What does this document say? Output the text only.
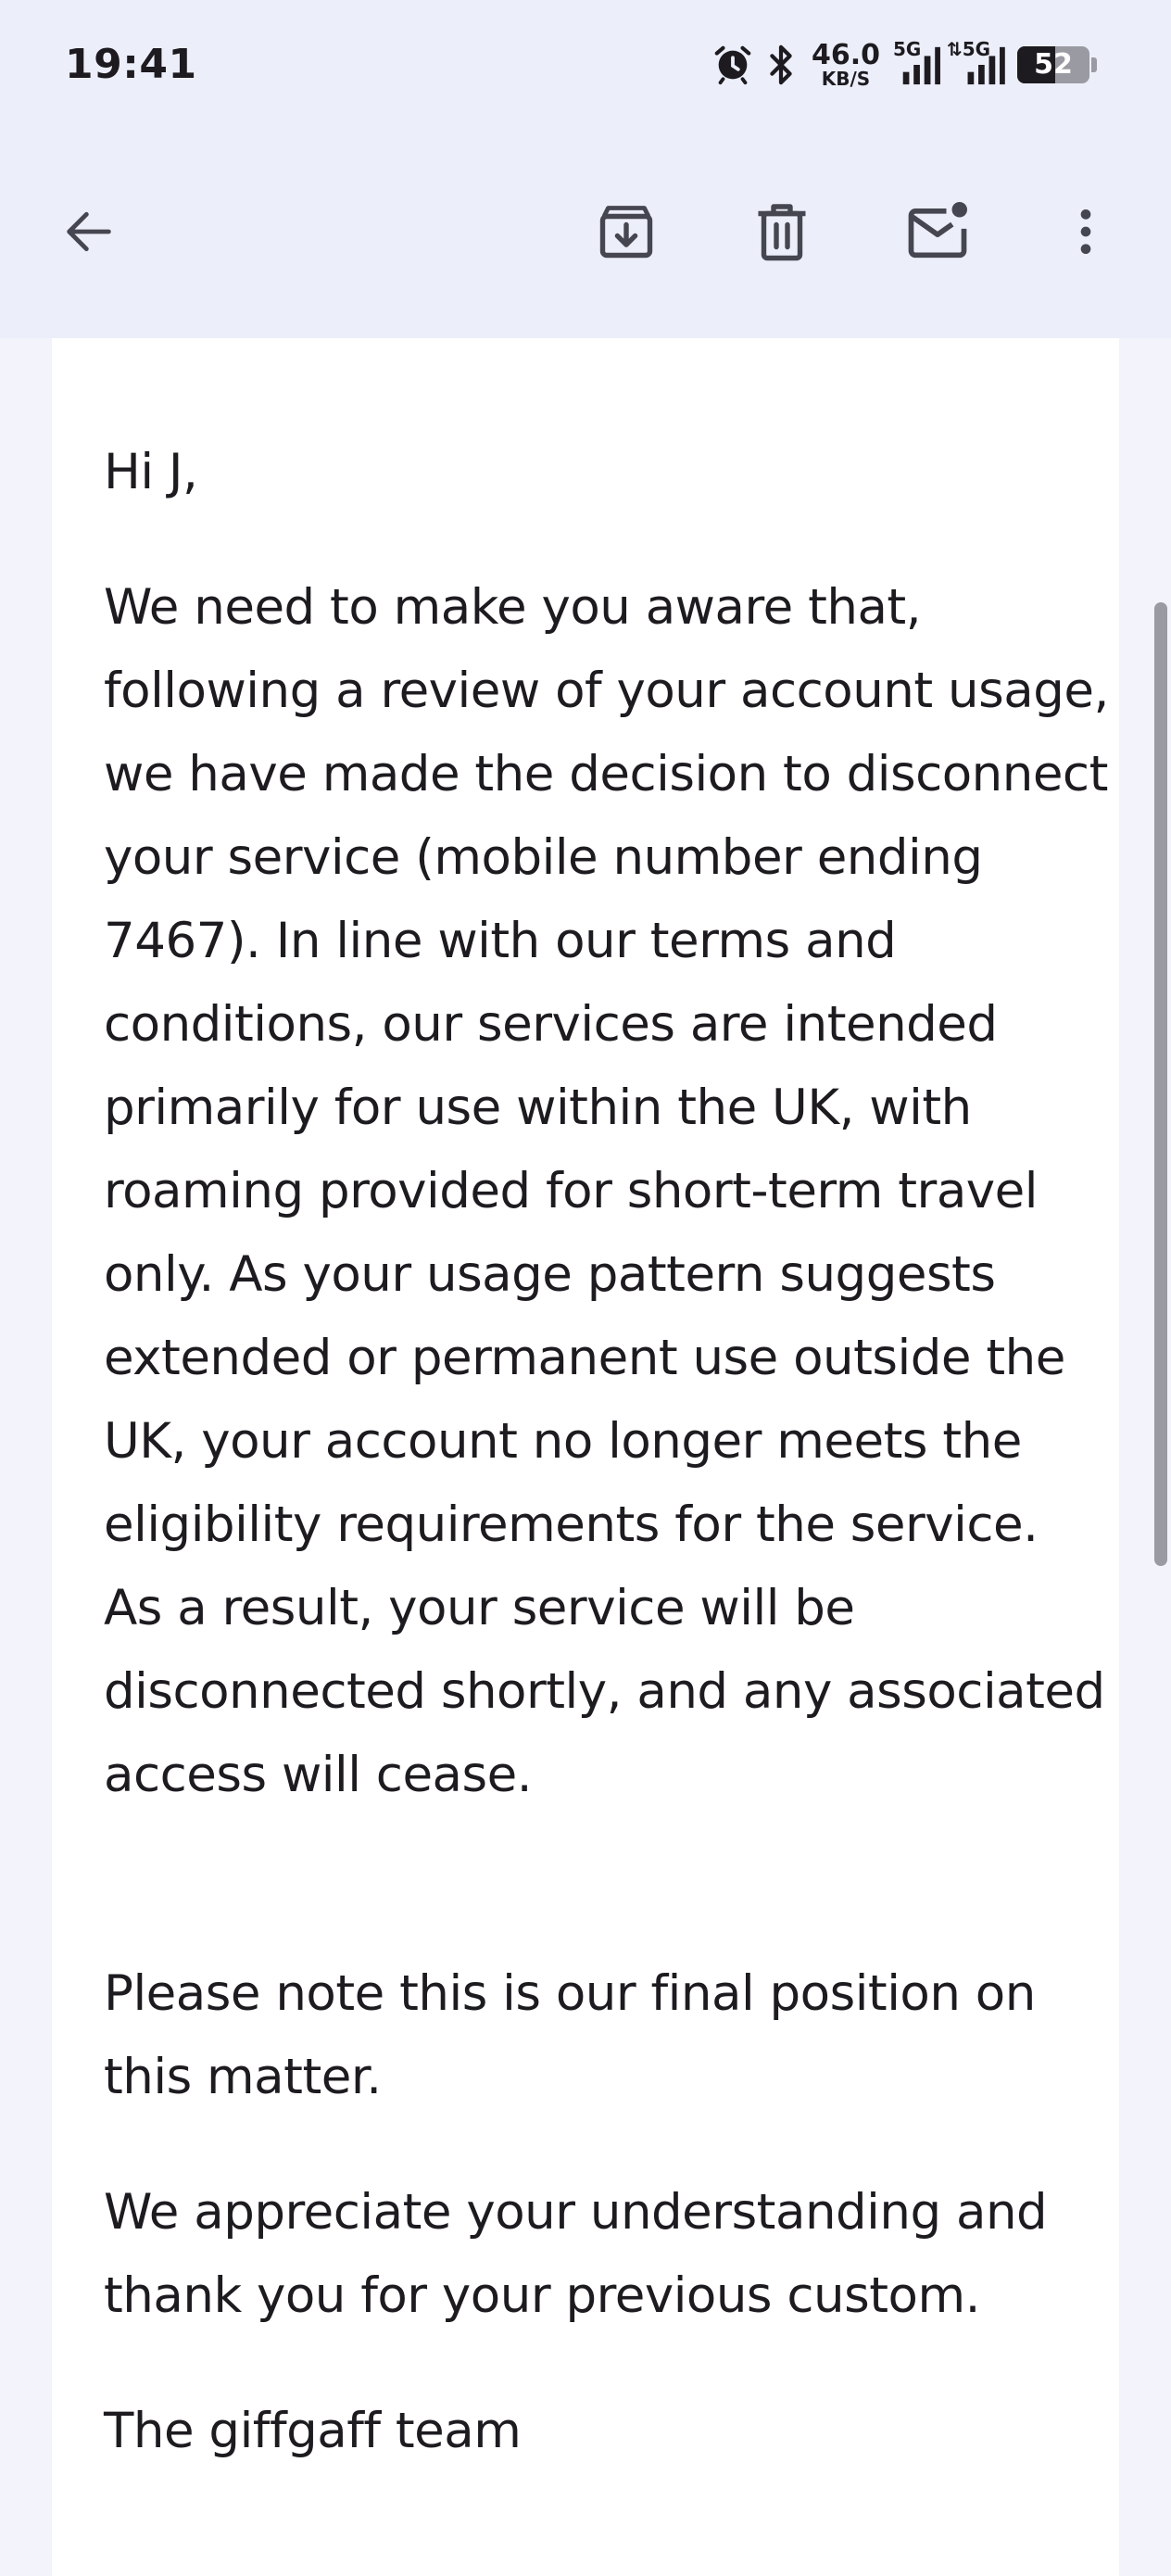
19:41	46.0
KB/S
5G ⇅5G	52

Hi J,

We need to make you aware that, following a review of your account usage, we have made the decision to disconnect your service (mobile number ending 7467). In line with our terms and conditions, our services are intended primarily for use within the UK, with roaming provided for short-term travel only. As your usage pattern suggests extended or permanent use outside the UK, your account no longer meets the eligibility requirements for the service. As a result, your service will be disconnected shortly, and any associated access will cease.

Please note this is our final position on this matter.

We appreciate your understanding and thank you for your previous custom.

The giffgaff team
